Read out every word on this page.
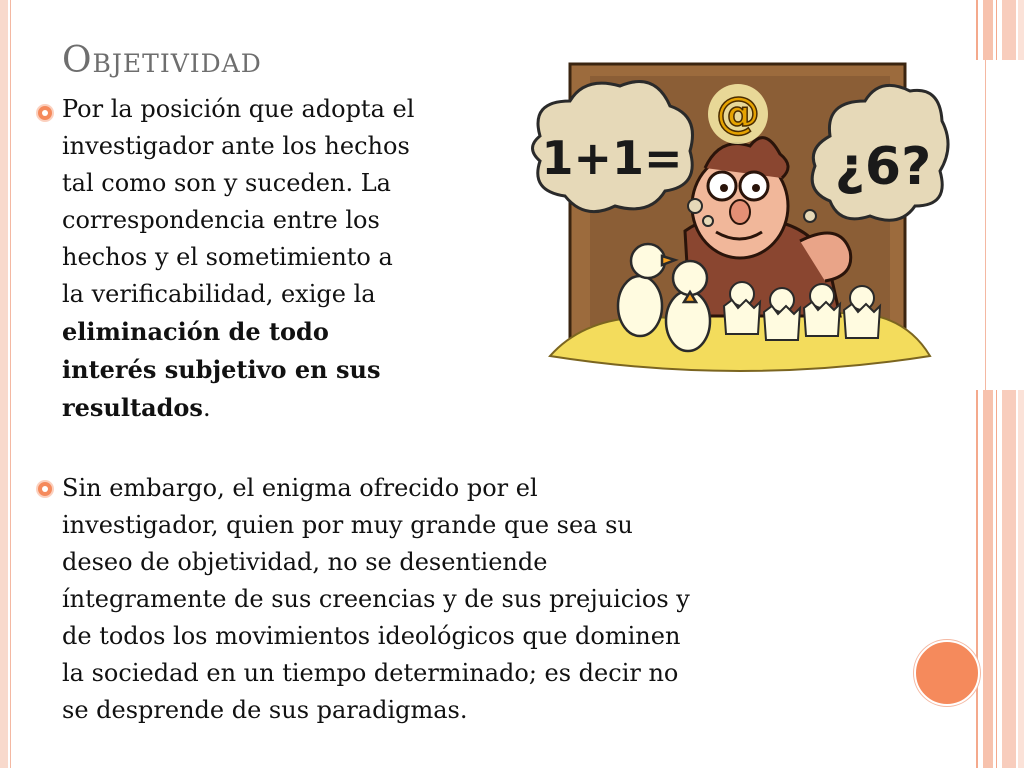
Objetividad

Por la posición que adopta el
investigador ante los hechos
tal como son y suceden. La
correspondencia entre los
hechos y el sometimiento a
la verificabilidad, exige la
eliminación de todo
interés subjetivo en sus
resultados.

Sin embargo, el enigma ofrecido por el
investigador, quien por muy grande que sea su
deseo de objetividad, no se desentiende
íntegramente de sus creencias y de sus prejuicios y
de todos los movimientos ideológicos que dominen
la sociedad en un tiempo determinado; es decir no
se desprende de sus paradigmas.

@
1+1=	¿6?
